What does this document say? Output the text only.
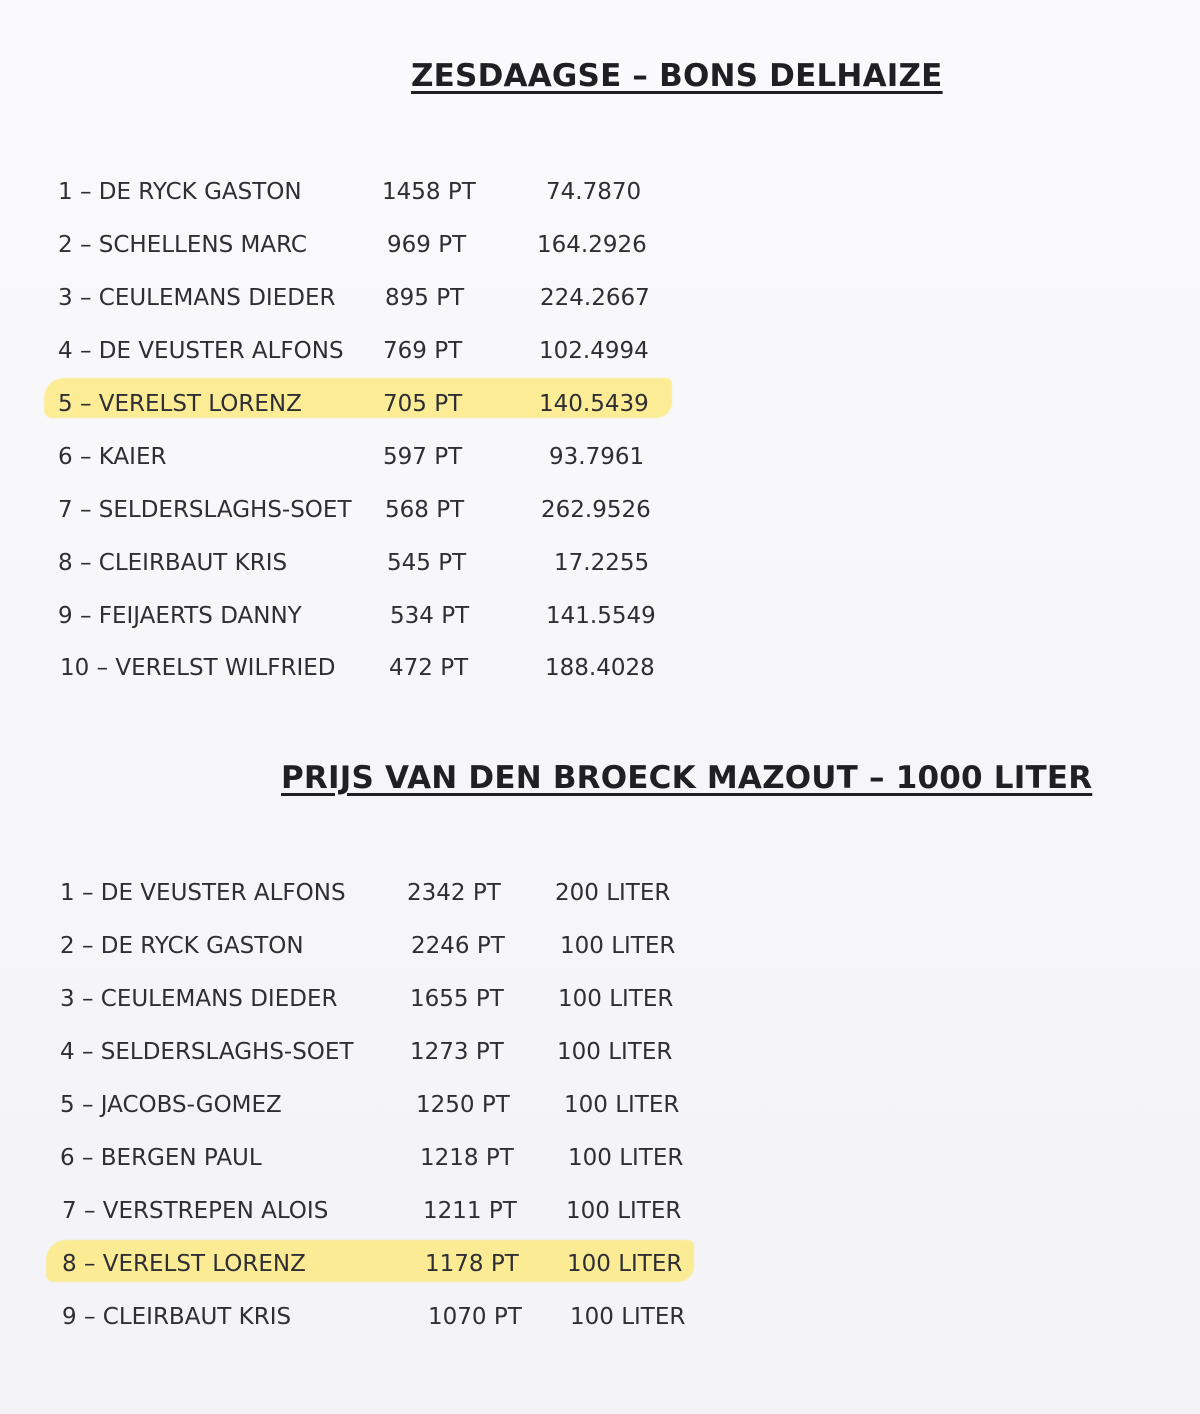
ZESDAAGSE – BONS DELHAIZE
1 – DE RYCK GASTON	1458 PT	74.7870
2 – SCHELLENS MARC	969 PT	164.2926
3 – CEULEMANS DIEDER 895 PT	224.2667
4 – DE VEUSTER ALFONS 769 PT	102.4994
5 – VERELST LORENZ	705 PT	140.5439
6 – KAIER	597 PT	93.7961
7 – SELDERSLAGHS-SOET 568 PT	262.9526
8 – CLEIRBAUT KRIS	545 PT	17.2255
9 – FEIJAERTS DANNY	534 PT	141.5549
10 – VERELST WILFRIED 472 PT	188.4028
PRIJS VAN DEN BROECK MAZOUT – 1000 LITER
1 – DE VEUSTER ALFONS	2342 PT 200 LITER
2 – DE RYCK GASTON	2246 PT 100 LITER
3 – CEULEMANS DIEDER	1655 PT 100 LITER
4 – SELDERSLAGHS-SOET 1273 PT 100 LITER
5 – JACOBS-GOMEZ	1250 PT 100 LITER
6 – BERGEN PAUL	1218 PT 100 LITER
7 – VERSTREPEN ALOIS	1211 PT 100 LITER
8 – VERELST LORENZ	1178 PT 100 LITER
9 – CLEIRBAUT KRIS	1070 PT 100 LITER
